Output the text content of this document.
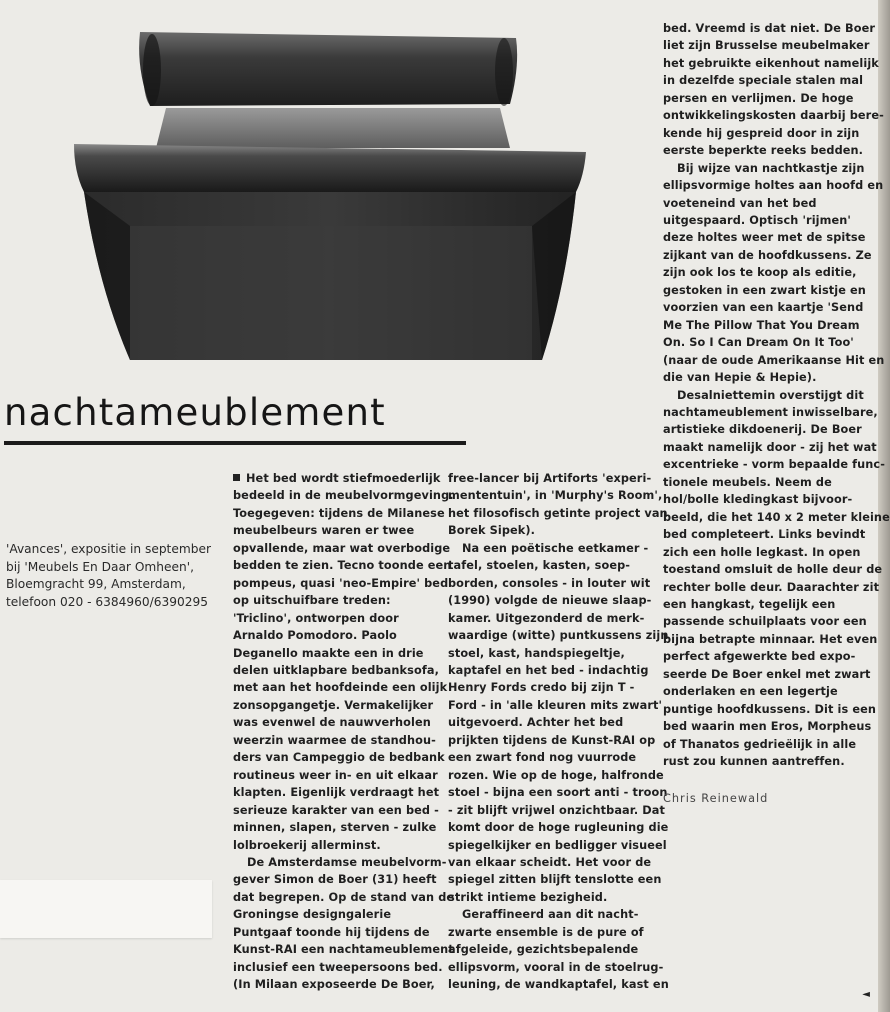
nachtameublement

'Avances', expositie in september

bij 'Meubels En Daar Omheen',

Bloemgracht 99, Amsterdam,

telefoon 020 - 6384960/6390295

Het bed wordt stiefmoederlijk

bedeeld in de meubelvormgeving.

Toegegeven: tijdens de Milanese

meubelbeurs waren er twee

opvallende, maar wat overbodige

bedden te zien. Tecno toonde een

pompeus, quasi 'neo-Empire' bed

op uitschuifbare treden:

'Triclino', ontworpen door

Arnaldo Pomodoro. Paolo

Deganello maakte een in drie

delen uitklapbare bedbanksofa,

met aan het hoofdeinde een olijk

zonsopgangetje. Vermakelijker

was evenwel de nauwverholen

weerzin waarmee de standhou-

ders van Campeggio de bedbank

routineus weer in- en uit elkaar

klapten. Eigenlijk verdraagt het

serieuze karakter van een bed -

minnen, slapen, sterven - zulke

lolbroekerij allerminst.

De Amsterdamse meubelvorm-

gever Simon de Boer (31) heeft

dat begrepen. Op de stand van de

Groningse designgalerie

Puntgaaf toonde hij tijdens de

Kunst-RAI een nachtameublement

inclusief een tweepersoons bed.

(In Milaan exposeerde De Boer,

free-lancer bij Artiforts 'experi-

mententuin', in 'Murphy's Room',

het filosofisch getinte project van

Borek Sipek).

Na een poëtische eetkamer -

tafel, stoelen, kasten, soep-

borden, consoles - in louter wit

(1990) volgde de nieuwe slaap-

kamer. Uitgezonderd de merk-

waardige (witte) puntkussens zijn

stoel, kast, handspiegeltje,

kaptafel en het bed - indachtig

Henry Fords credo bij zijn T -

Ford - in 'alle kleuren mits zwart'

uitgevoerd. Achter het bed

prijkten tijdens de Kunst-RAI op

een zwart fond nog vuurrode

rozen. Wie op de hoge, halfronde

stoel - bijna een soort anti - troon

- zit blijft vrijwel onzichtbaar. Dat

komt door de hoge rugleuning die

spiegelkijker en bedligger visueel

van elkaar scheidt. Het voor de

spiegel zitten blijft tenslotte een

strikt intieme bezigheid.

Geraffineerd aan dit nacht-

zwarte ensemble is de pure of

afgeleide, gezichtsbepalende

ellipsvorm, vooral in de stoelrug-

leuning, de wandkaptafel, kast en

bed. Vreemd is dat niet. De Boer

liet zijn Brusselse meubelmaker

het gebruikte eikenhout namelijk

in dezelfde speciale stalen mal

persen en verlijmen. De hoge

ontwikkelingskosten daarbij bere-

kende hij gespreid door in zijn

eerste beperkte reeks bedden.

Bij wijze van nachtkastje zijn

ellipsvormige holtes aan hoofd en

voeteneind van het bed

uitgespaard. Optisch 'rijmen'

deze holtes weer met de spitse

zijkant van de hoofdkussens. Ze

zijn ook los te koop als editie,

gestoken in een zwart kistje en

voorzien van een kaartje 'Send

Me The Pillow That You Dream

On. So I Can Dream On It Too'

(naar de oude Amerikaanse Hit en

die van Hepie & Hepie).

Desalniettemin overstijgt dit

nachtameublement inwisselbare,

artistieke dikdoenerij. De Boer

maakt namelijk door - zij het wat

excentrieke - vorm bepaalde func-

tionele meubels. Neem de

hol/bolle kledingkast bijvoor-

beeld, die het 140 x 2 meter kleine

bed completeert. Links bevindt

zich een holle legkast. In open

toestand omsluit de holle deur de

rechter bolle deur. Daarachter zit

een hangkast, tegelijk een

passende schuilplaats voor een

bijna betrapte minnaar. Het even

perfect afgewerkte bed expo-

seerde De Boer enkel met zwart

onderlaken en een legertje

puntige hoofdkussens. Dit is een

bed waarin men Eros, Morpheus

of Thanatos gedrieëlijk in alle

rust zou kunnen aantreffen.

Chris Reinewald

◄
